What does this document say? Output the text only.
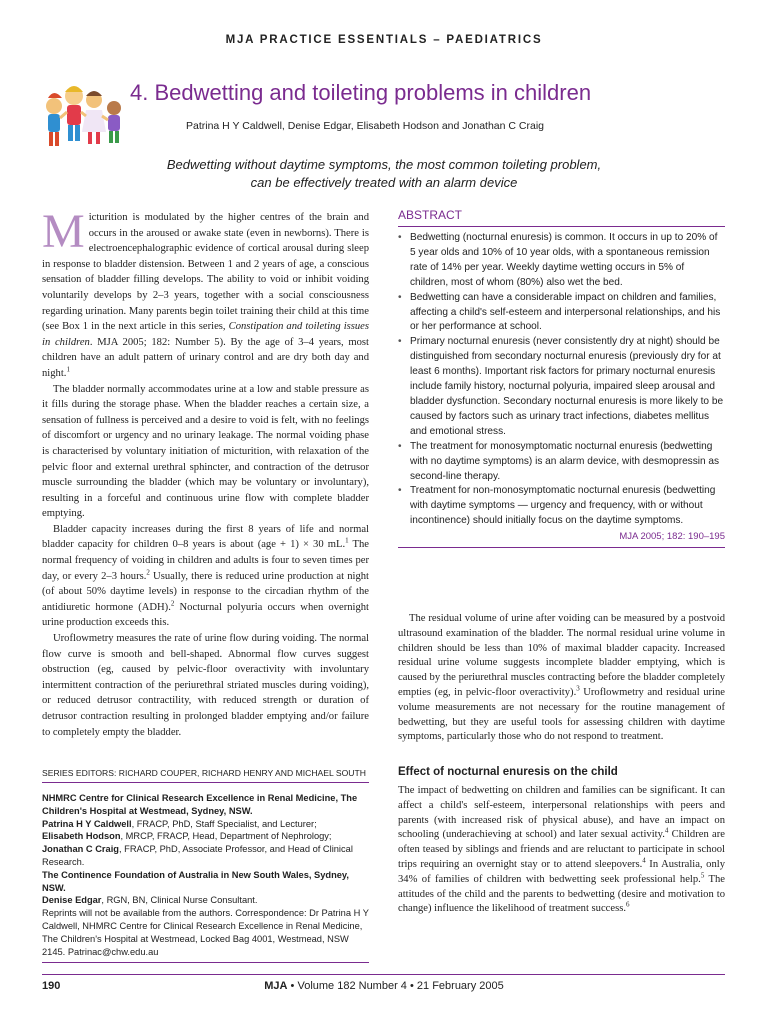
MJA PRACTICE ESSENTIALS – PAEDIATRICS
4. Bedwetting and toileting problems in children
Patrina H Y Caldwell, Denise Edgar, Elisabeth Hodson and Jonathan C Craig
Bedwetting without daytime symptoms, the most common toileting problem,
can be effectively treated with an alarm device

Micturition is modulated by the higher centres of the brain and occurs in the aroused or awake state (even in newborns). There is electroencephalographic evidence of cortical arousal during sleep in response to bladder distension. Between 1 and 2 years of age, a conscious sensation of bladder filling develops. The ability to void or inhibit voiding voluntarily develops by 2–3 years, together with a social consciousness regarding urination. Many parents begin toilet training their child at this time (see Box 1 in the next article in this series, Constipation and toileting issues in children. MJA 2005; 182: Number 5). By the age of 3–4 years, most children have an adult pattern of urinary control and are dry both day and night.$^1$

The bladder normally accommodates urine at a low and stable pressure as it fills during the storage phase. When the bladder reaches a certain size, a sensation of fullness is perceived and a desire to void is felt, with no feelings of discomfort or urgency and no urinary leakage. The normal voiding phase is characterised by voluntary initiation of micturition, with relaxation of the pelvic floor and external urethral sphincter, and contraction of the detrusor muscle surrounding the bladder (which may be voluntary or involuntary), resulting in a forceful and continuous urine flow with complete bladder emptying.

Bladder capacity increases during the first 8 years of life and normal bladder capacity for children 0–8 years is about (age + 1) × 30 mL.$^1$ The normal frequency of voiding in children and adults is four to seven times per day, or every 2–3 hours.$^2$ Usually, there is reduced urine production at night (of about 50% daytime levels) in response to the circadian rhythm of the antidiuretic hormone (ADH).$^2$ Nocturnal polyuria occurs when overnight urine production exceeds this.

Uroflowmetry measures the rate of urine flow during voiding. The normal flow curve is smooth and bell-shaped. Abnormal flow curves suggest obstruction (eg, caused by pelvic-floor overactivity with involuntary intermittent contraction of the periurethral striated muscles during voiding), or reduced detrusor contractility, with reduced strength or duration of detrusor contraction resulting in prolonged bladder emptying and/or failure to completely empty the bladder.

SERIES EDITORS: RICHARD COUPER, RICHARD HENRY AND MICHAEL SOUTH
NHMRC Centre for Clinical Research Excellence in Renal Medicine, The Children's Hospital at Westmead, Sydney, NSW.
Patrina H Y Caldwell, FRACP, PhD, Staff Specialist, and Lecturer;
Elisabeth Hodson, MRCP, FRACP, Head, Department of Nephrology;
Jonathan C Craig, FRACP, PhD, Associate Professor, and Head of Clinical Research.
The Continence Foundation of Australia in New South Wales, Sydney, NSW.
Denise Edgar, RGN, BN, Clinical Nurse Consultant.
Reprints will not be available from the authors. Correspondence: Dr Patrina H Y Caldwell, NHMRC Centre for Clinical Research Excellence in Renal Medicine, The Children's Hospital at Westmead, Locked Bag 4001, Westmead, NSW 2145. Patrinac@chw.edu.au
ABSTRACT
• Bedwetting (nocturnal enuresis) is common. It occurs in up to 20% of 5 year olds and 10% of 10 year olds, with a spontaneous remission rate of 14% per year. Weekly daytime wetting occurs in 5% of children, most of whom (80%) also wet the bed.
• Bedwetting can have a considerable impact on children and families, affecting a child's self-esteem and interpersonal relationships, and his or her performance at school.
• Primary nocturnal enuresis (never consistently dry at night) should be distinguished from secondary nocturnal enuresis (previously dry for at least 6 months). Important risk factors for primary nocturnal enuresis include family history, nocturnal polyuria, impaired sleep arousal and bladder dysfunction. Secondary nocturnal enuresis is more likely to be caused by factors such as urinary tract infections, diabetes mellitus and emotional stress.
• The treatment for monosymptomatic nocturnal enuresis (bedwetting with no daytime symptoms) is an alarm device, with desmopressin as second-line therapy.
• Treatment for non-monosymptomatic nocturnal enuresis (bedwetting with daytime symptoms — urgency and frequency, with or without incontinence) should initially focus on the daytime symptoms.
MJA 2005; 182: 190–195

The residual volume of urine after voiding can be measured by a postvoid ultrasound examination of the bladder. The normal residual urine volume in children should be less than 10% of maximal bladder capacity. Increased residual urine volume suggests incomplete bladder emptying, which is caused by the periurethral muscles contracting before the bladder completely empties (eg, in pelvic-floor overactivity).$^3$ Uroflowmetry and residual urine volume measurements are not necessary for the routine management of bedwetting, but they are useful tools for assessing children with daytime symptoms, particularly those who do not respond to treatment.

Effect of nocturnal enuresis on the child

The impact of bedwetting on children and families can be significant. It can affect a child's self-esteem, interpersonal relationships with peers and parents (with increased risk of physical abuse), and have an impact on schooling (underachieving at school) and later sexual activity.$^4$ Children are often teased by siblings and friends and are reluctant to participate in school trips requiring an overnight stay or to attend sleepovers.$^4$ In Australia, only 34% of families of children with bedwetting seek professional help.$^5$ The attitudes of the child and the parents to bedwetting (desire and motivation to change) influence the likelihood of treatment success.$^6$

190	MJA • Volume 182 Number 4 • 21 February 2005
